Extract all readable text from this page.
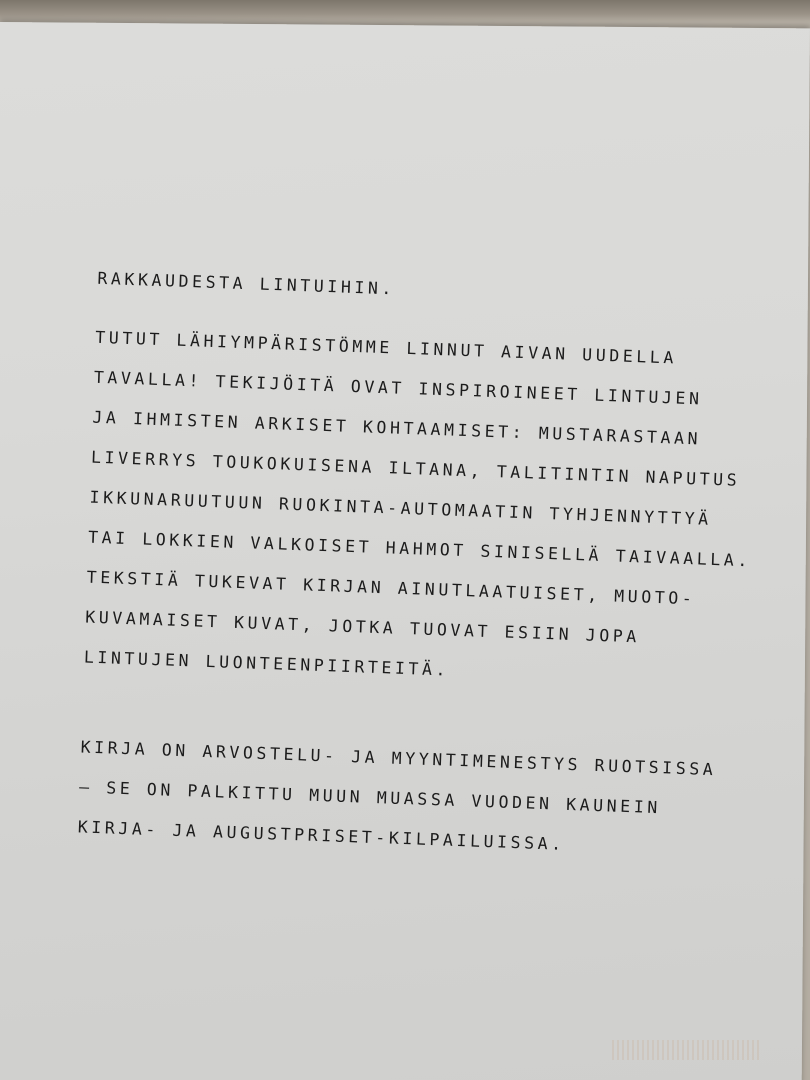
RAKKAUDESTA LINTUIHIN.
TUTUT LÄHIYMPÄRISTÖMME LINNUT AIVAN UUDELLA
TAVALLA! TEKIJÖITÄ OVAT INSPIROINEET LINTUJEN
JA IHMISTEN ARKISET KOHTAAMISET: MUSTARASTAAN
LIVERRYS TOUKOKUISENA ILTANA, TALITINTIN NAPUTUS
IKKUNARUUTUUN RUOKINTA-AUTOMAATIN TYHJENNYTTYÄ
TAI LOKKIEN VALKOISET HAHMOT SINISELLÄ TAIVAALLA.
TEKSTIÄ TUKEVAT KIRJAN AINUTLAATUISET, MUOTO-
KUVAMAISET KUVAT, JOTKA TUOVAT ESIIN JOPA
LINTUJEN LUONTEENPIIRTEITÄ.
KIRJA ON ARVOSTELU- JA MYYNTIMENESTYS RUOTSISSA
– SE ON PALKITTU MUUN MUASSA VUODEN KAUNEIN
KIRJA- JA AUGUSTPRISET-KILPAILUISSA.
